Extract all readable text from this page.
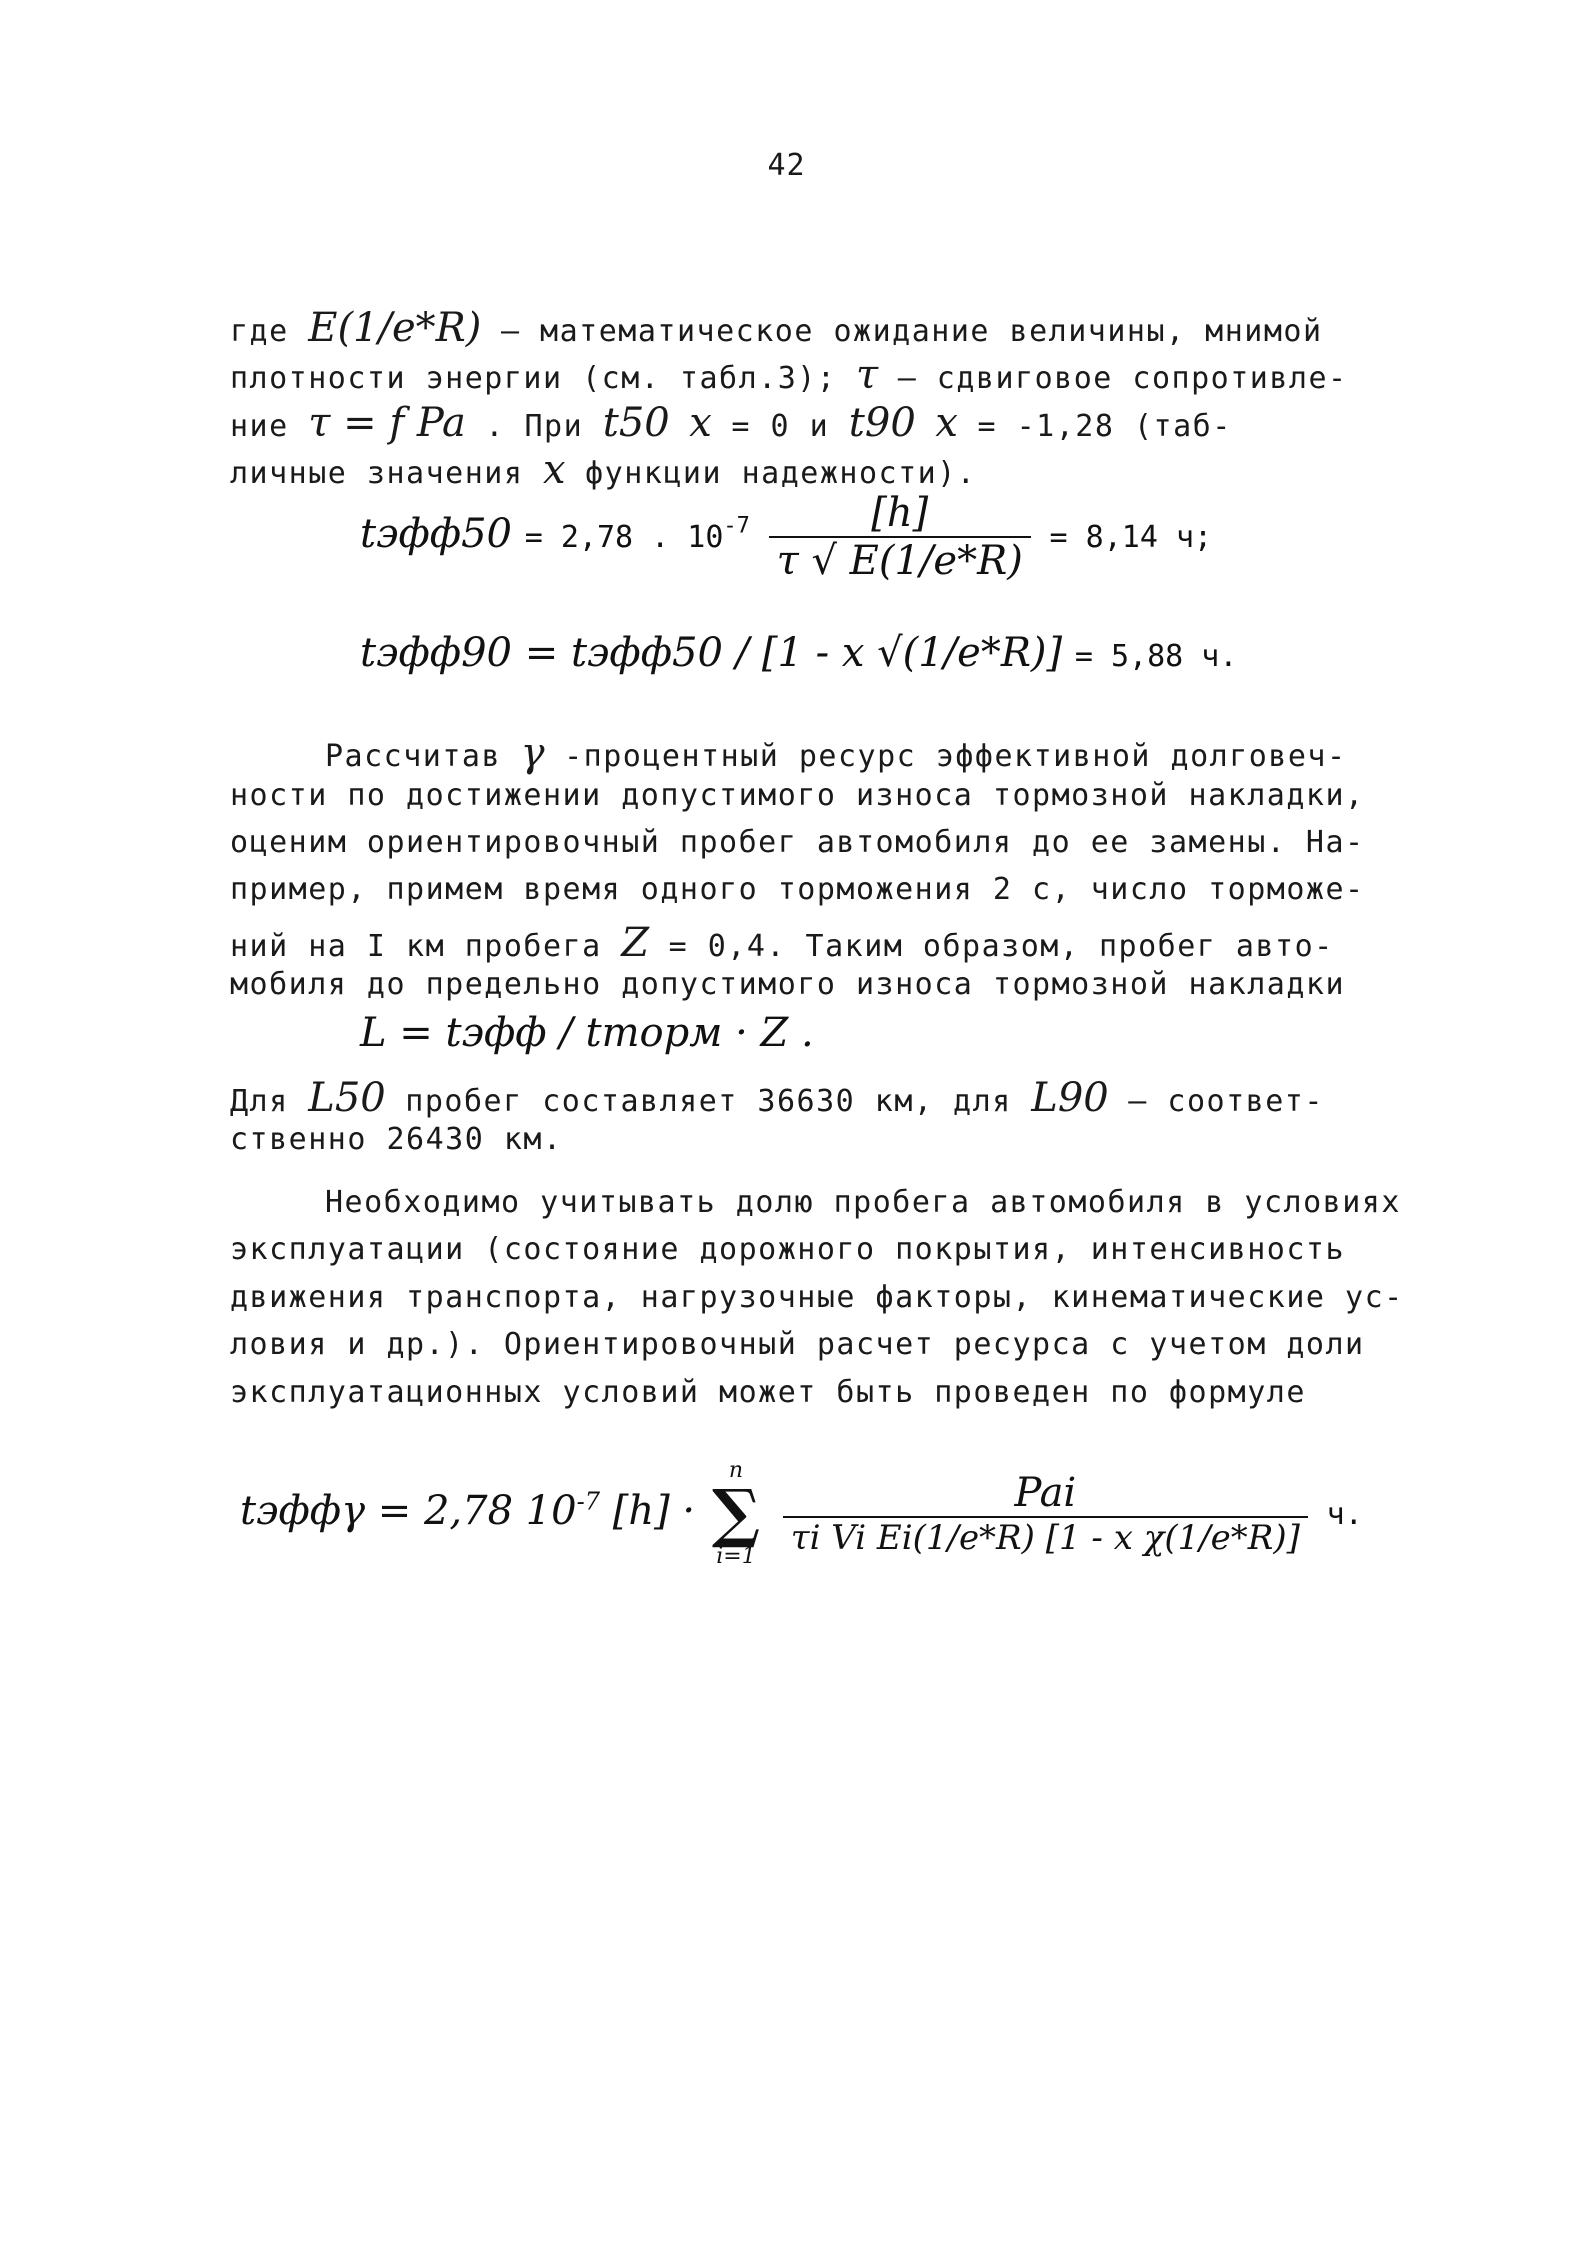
42
где E(1/e*R) – математическое ожидание величины, мнимой
плотности энергии (см. табл.3); τ – сдвиговое сопротивле-
ние τ = f Pa . При t50 x = 0 и t90 x = -1,28 (таб-
личные значения x функции надежности).
tэфф50 = 2,78 . $10^{-7} \frac{[h]}{\tau √ E(1/e*R)} = 8,14$ ч;
tэфф90 = tэфф50 / [1 - x √(1/e*R)] = 5,88 ч.
Рассчитав γ -процентный ресурс эффективной долговеч-
ности по достижении допустимого износа тормозной накладки,
оценим ориентировочный пробег автомобиля до ее замены. На-
пример, примем время одного торможения 2 с, число торможе-
ний на I км пробега Z = 0,4. Таким образом, пробег авто-
мобиля до предельно допустимого износа тормозной накладки
L = tэфф / tторм · Z .
Для L50 пробег составляет 36630 км, для L90 – соответ-
ственно 26430 км.
Необходимо учитывать долю пробега автомобиля в условиях
эксплуатации (состояние дорожного покрытия, интенсивность
движения транспорта, нагрузочные факторы, кинематические ус-
ловия и др.). Ориентировочный расчет ресурса с учетом доли
эксплуатационных условий может быть проведен по формуле
tэффγ = 2,78 $10^{-7}$ [h] ·
n
∑
i=1
$\frac{\text{Pai}}{\text{τi Vi Ei(1/e*R) [1 - x χ(1/e*R)]}} ч$.
